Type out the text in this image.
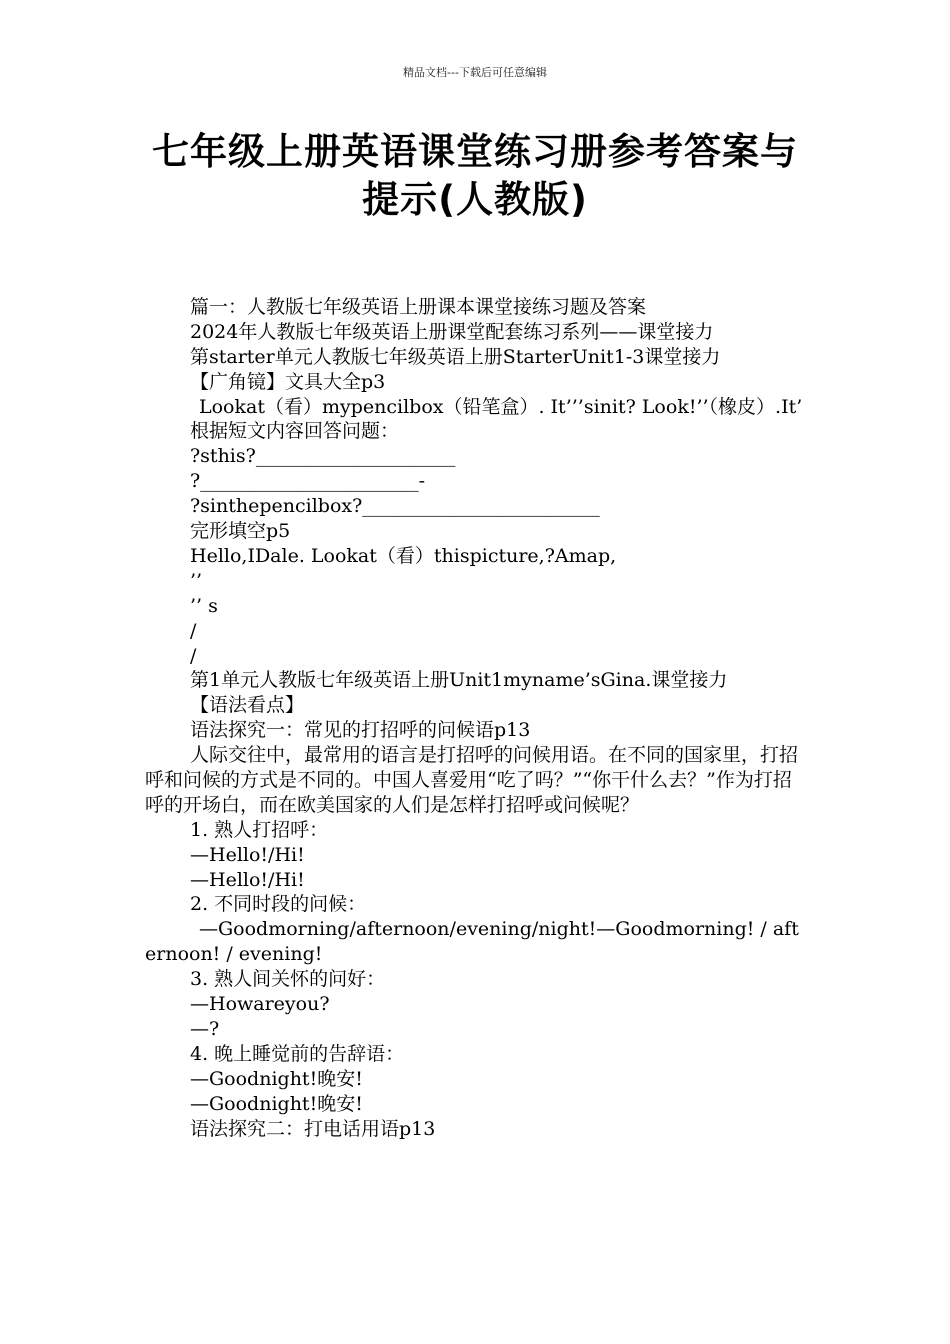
精品文档---下载后可任意编辑
七年级上册英语课堂练习册参考答案与
提示(人教版)
篇一：人教版七年级英语上册课本课堂接练习题及答案
2024年人教版七年级英语上册课堂配套练习系列——课堂接力
第starter单元人教版七年级英语上册StarterUnit1-3课堂接力
【广角镜】文具大全p3
Lookat（看）mypencilbox（铅笔盒）. It’’’sinit? Look!’’（橡皮）.It’
根据短文内容回答问题：
?sthis?_____________________
?_______________________-
?sinthepencilbox?_________________________
完形填空p5
Hello,IDale. Lookat（看）thispicture,?Amap,
’’
’’ s
/
/
第1单元人教版七年级英语上册Unit1myname’sGina.课堂接力
【语法看点】
语法探究一：常见的打招呼的问候语p13
人际交往中，最常用的语言是打招呼的问候用语。在不同的国家里，打招呼和问候的方式是不同的。中国人喜爱用“吃了吗？”“你干什么去？”作为打招呼的开场白，而在欧美国家的人们是怎样打招呼或问候呢？
1. 熟人打招呼：
—Hello!/Hi!
—Hello!/Hi!
2. 不同时段的问候：
—Goodmorning/afternoon/evening/night!—Goodmorning! / afternoon! / evening!
3. 熟人间关怀的问好：
—Howareyou?
—?
4. 晚上睡觉前的告辞语：
—Goodnight!晚安!
—Goodnight!晚安!
语法探究二：打电话用语p13
